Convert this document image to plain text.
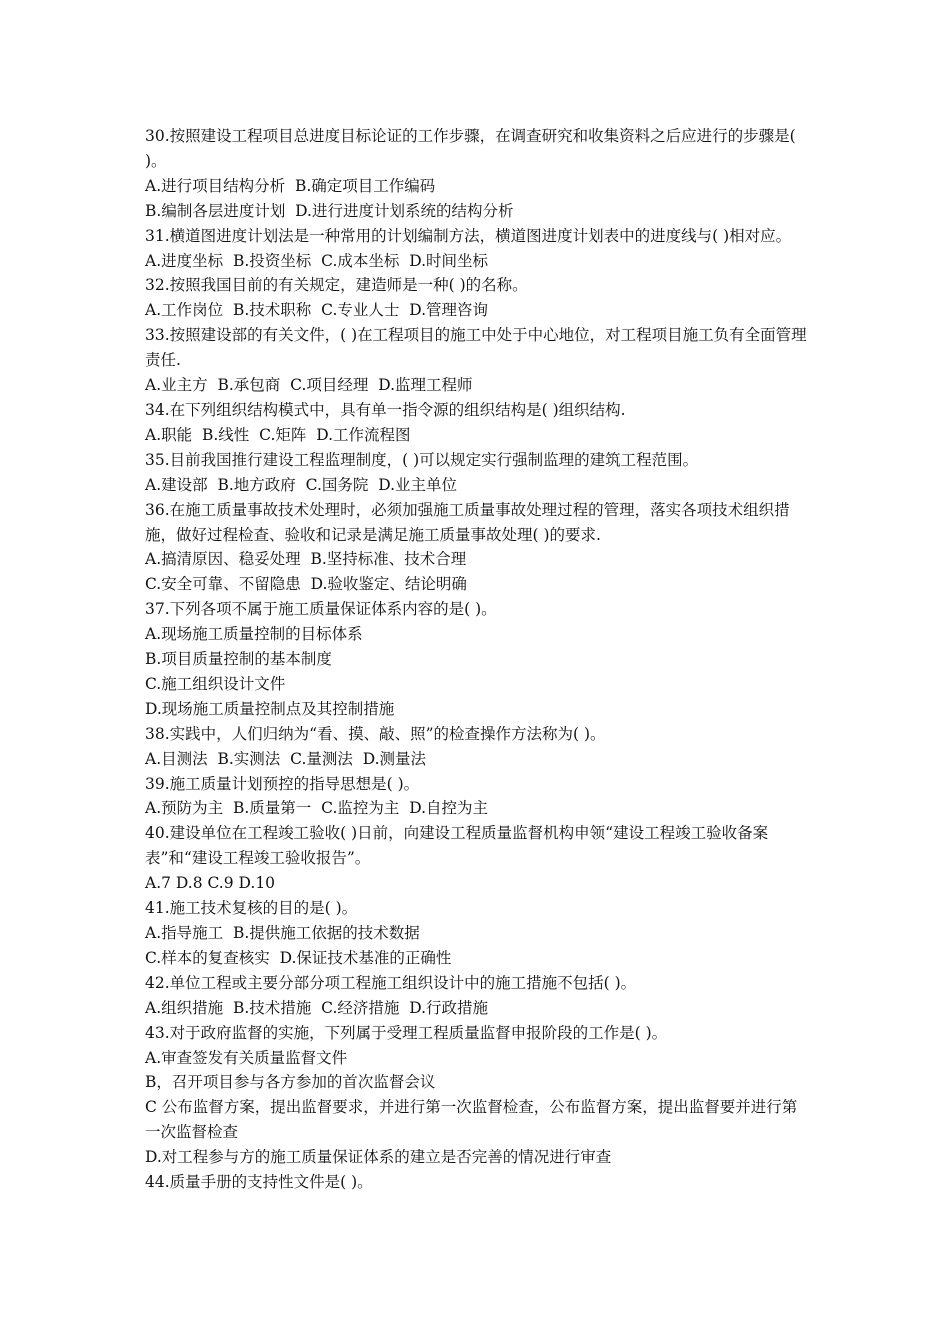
30.按照建设工程项目总进度目标论证的工作步骤，在调查研究和收集资料之后应进行的步骤是( )。

A.进行项目结构分析  B.确定项目工作编码

B.编制各层进度计划  D.进行进度计划系统的结构分析

31.横道图进度计划法是一种常用的计划编制方法，横道图进度计划表中的进度线与( )相对应。

A.进度坐标  B.投资坐标  C.成本坐标  D.时间坐标

32.按照我国目前的有关规定，建造师是一种( )的名称。

A.工作岗位  B.技术职称  C.专业人士  D.管理咨询

33.按照建设部的有关文件，( )在工程项目的施工中处于中心地位，对工程项目施工负有全面管理责任.

A.业主方  B.承包商  C.项目经理  D.监理工程师

34.在下列组织结构模式中，具有单一指令源的组织结构是( )组织结构.

A.职能  B.线性  C.矩阵  D.工作流程图

35.目前我国推行建设工程监理制度，( )可以规定实行强制监理的建筑工程范围。

A.建设部  B.地方政府  C.国务院  D.业主单位

36.在施工质量事故技术处理时，必须加强施工质量事故处理过程的管理，落实各项技术组织措施，做好过程检查、验收和记录是满足施工质量事故处理( )的要求.

A.搞清原因、稳妥处理  B.坚持标准、技术合理

C.安全可靠、不留隐患  D.验收鉴定、结论明确

37.下列各项不属于施工质量保证体系内容的是( )。

A.现场施工质量控制的目标体系

B.项目质量控制的基本制度

C.施工组织设计文件

D.现场施工质量控制点及其控制措施

38.实践中，人们归纳为“看、摸、敲、照”的检查操作方法称为( )。

A.目测法  B.实测法  C.量测法  D.测量法

39.施工质量计划预控的指导思想是( )。

A.预防为主  B.质量第一  C.监控为主  D.自控为主

40.建设单位在工程竣工验收( )日前，向建设工程质量监督机构申领“建设工程竣工验收备案表”和“建设工程竣工验收报告”。

A.7 D.8 C.9 D.10

41.施工技术复核的目的是( )。

A.指导施工  B.提供施工依据的技术数据

C.样本的复查核实  D.保证技术基准的正确性

42.单位工程或主要分部分项工程施工组织设计中的施工措施不包括( )。

A.组织措施  B.技术措施  C.经济措施  D.行政措施

43.对于政府监督的实施，下列属于受理工程质量监督申报阶段的工作是( )。

A.审查签发有关质量监督文件

B，召开项目参与各方参加的首次监督会议

C 公布监督方案，提出监督要求，并进行第一次监督检查，公布监督方案，提出监督要并进行第一次监督检查

D.对工程参与方的施工质量保证体系的建立是否完善的情况进行审查

44.质量手册的支持性文件是( )。
